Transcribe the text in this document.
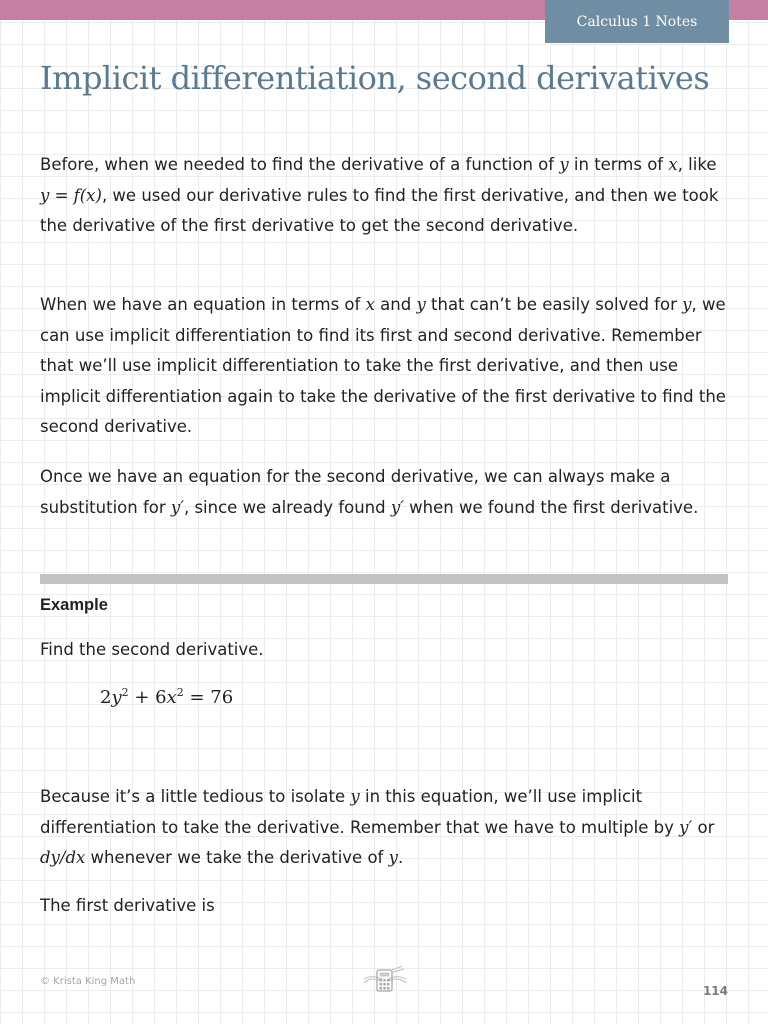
Calculus 1 Notes
Implicit differentiation, second derivatives

Before, when we needed to find the derivative of a function of y in terms of x, like y = f(x), we used our derivative rules to find the first derivative, and then we took the derivative of the first derivative to get the second derivative.

When we have an equation in terms of x and y that can’t be easily solved for y, we can use implicit differentiation to find its first and second derivative. Remember that we’ll use implicit differentiation to take the first derivative, and then use implicit differentiation again to take the derivative of the first derivative to find the second derivative.

Once we have an equation for the second derivative, we can always make a substitution for y′, since we already found y′ when we found the first derivative.

Example

Find the second derivative.

$2y^2 + 6x^2 = 76$

Because it’s a little tedious to isolate y in this equation, we’ll use implicit differentiation to take the derivative. Remember that we have to multiple by y′ or dy/dx whenever we take the derivative of y.

The first derivative is

© Krista King Math
114
